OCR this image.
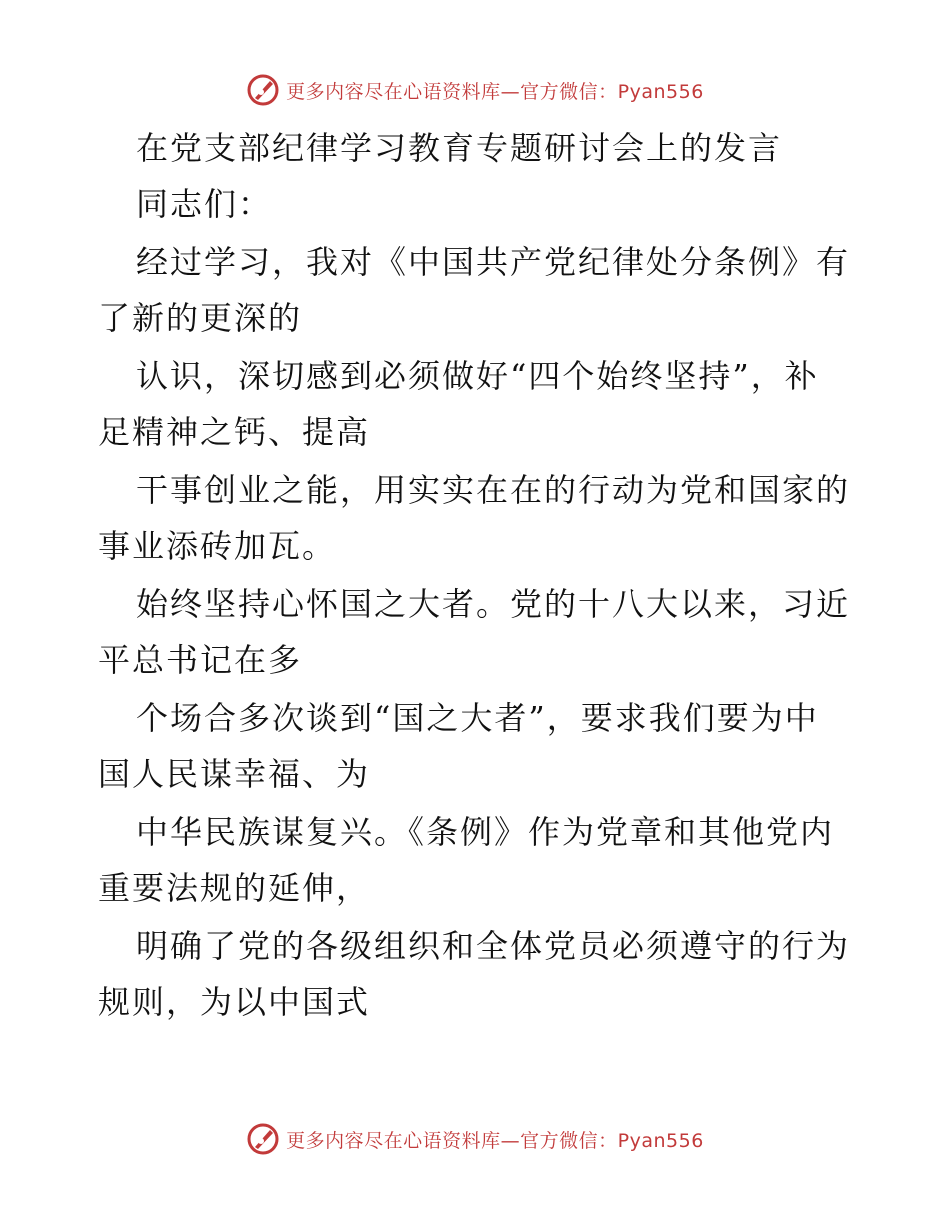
更多内容尽在心语资料库—官方微信：Pyan556
在党支部纪律学习教育专题研讨会上的发言
同志们：
经过学习，我对《中国共产党纪律处分条例》有
了新的更深的
认识，深切感到必须做好“四个始终坚持”，补
足精神之钙、提高
干事创业之能，用实实在在的行动为党和国家的
事业添砖加瓦。
始终坚持心怀国之大者。党的十八大以来，习近
平总书记在多
个场合多次谈到“国之大者”，要求我们要为中
国人民谋幸福、为
中华民族谋复兴。《条例》作为党章和其他党内
重要法规的延伸，
明确了党的各级组织和全体党员必须遵守的行为
规则，为以中国式
更多内容尽在心语资料库—官方微信：Pyan556
